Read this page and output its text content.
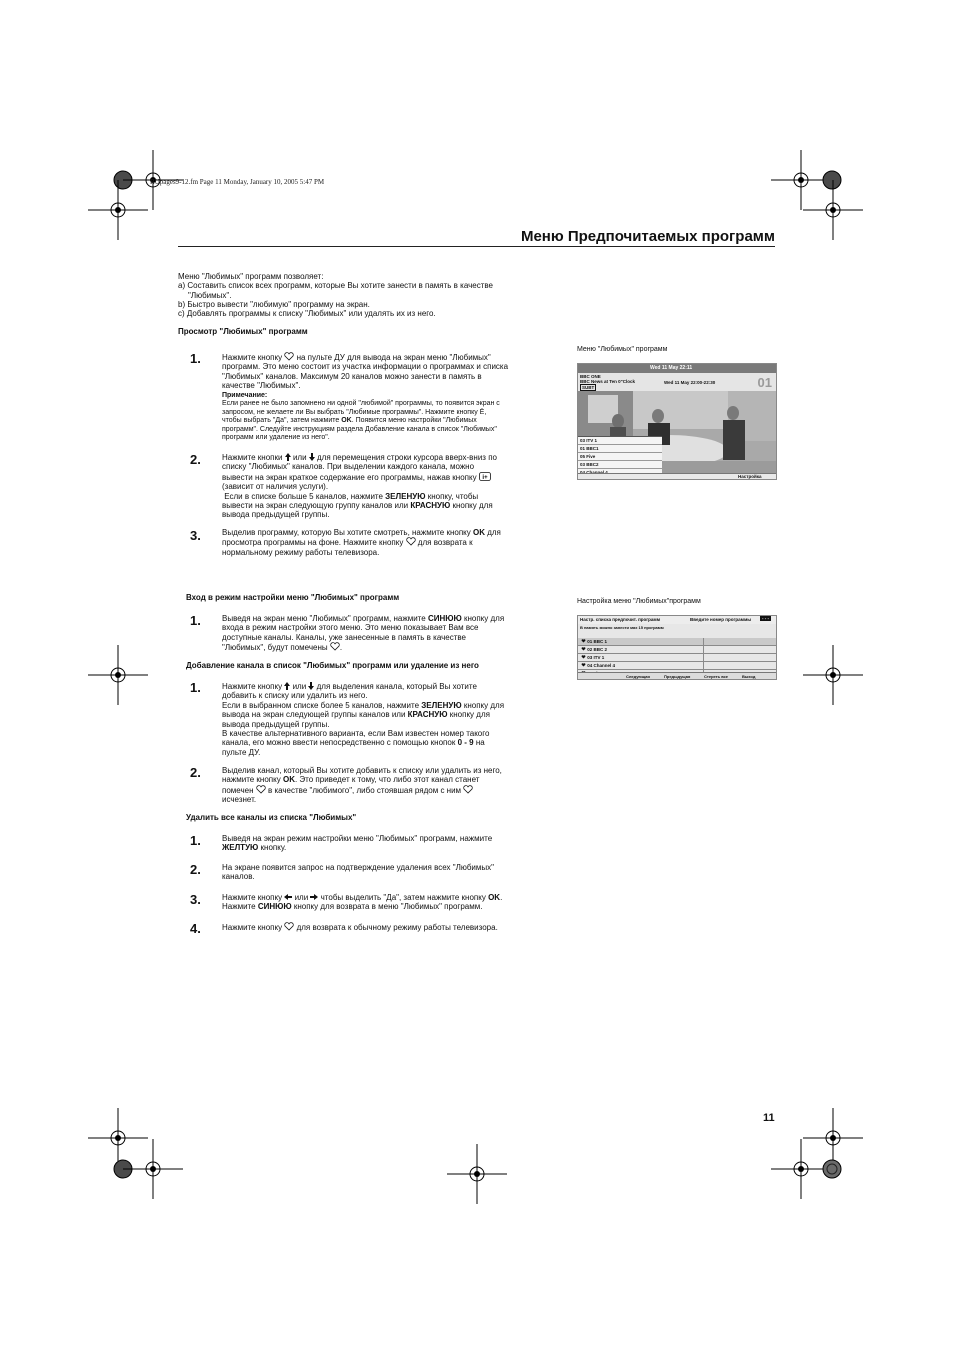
RUpages9-12.fm Page 11 Monday, January 10, 2005 5:47 PM
Меню Предпочитаемых программ

Меню "Любимых" программ позволяет:

a) Составить список всех программ, которые Вы хотите занести в память в качестве

"Любимых".

b) Быстро вывести "любимую" программу на экран.

c) Добавлять программы к списку "Любимых" или удалять их из него.

Просмотр "Любимых" программ
1.	Нажмите кнопку на пульте ДУ для вывода на экран меню "Любимых"

программ. Это меню состоит из участка информации о программах и списка

"Любимых" каналов. Максимум 20 каналов можно занести в память в

качестве "Любимых".

Примечание:

Если ранее не было запомнено ни одной "любимой" программы, то появится экран с

запросом, не желаете ли Вы выбрать "Любимые программы". Нажмите кнопку Ё,

чтобы выбрать "Да", затем нажмите OK. Появится меню настройки "Любимых

программ". Следуйте инструкциям раздела Добавление канала в список "Любимых"

программ или удаление из него".

2.	Нажмите кнопки или для перемещения строки курсора вверх-вниз по

списку "Любимых" каналов. При выделении каждого канала, можно

вывести на экран краткое содержание его программы, нажав кнопку i+

(зависит от наличия услуги).

Если в списке больше 5 каналов, нажмите ЗЕЛЕНУЮ кнопку, чтобы

вывести на экран следующую группу каналов или КРАСНУЮ кнопку для

вывода предыдущей группы.

3.	Выделив программу, которую Вы хотите смотреть, нажмите кнопку OK для

просмотра программы на фоне. Нажмите кнопку для возврата к

нормальному режиму работы телевизора.

Вход в режим настройки меню "Любимых" программ
1.	Выведя на экран меню "Любимых" программ, нажмите СИНЮЮ кнопку для

входа в режим настройки этого меню. Это меню показывает Вам все

доступные каналы. Каналы, уже занесенные в память в качестве

"Любимых", будут помечены .

Добавление канала в список "Любимых" программ или удаление из него
1.	Нажмите кнопку или для выделения канала, который Вы хотите

добавить к списку или удалить из него.

Если в выбранном списке более 5 каналов, нажмите ЗЕЛЕНУЮ кнопку для

вывода на экран следующей группы каналов или КРАСНУЮ кнопку для

вывода предыдущей группы.

В качестве альтернативного варианта, если Вам известен номер такого

канала, его можно ввести непосредственно с помощью кнопок 0 - 9 на

пульте ДУ.

2.	Выделив канал, который Вы хотите добавить к списку или удалить из него,

нажмите кнопку OK. Это приведет к тому, что либо этот канал станет

помечен в качестве "любимого", либо стоявшая рядом с ним

исчезнет.

Удалить все каналы из списка "Любимых"
1.	Выведя на экран режим настройки меню "Любимых" программ, нажмите

ЖЕЛТУЮ кнопку.

2.	На экране появится запрос на подтверждение удаления всех "Любимых"

каналов.

3.	Нажмите кнопку или чтобы выделить "Да", затем нажмите кнопку OK.

Нажмите СИНЮЮ кнопку для возврата в меню "Любимых" программ.

4.	Нажмите кнопку для возврата к обычному режиму работы телевизора.

Меню "Любимых" программ
Wed 11 May 22:11
BBC ONE
BBC News at Ten 0"Clock
SUBT
Wed 11 May 22:00-22:30	01
03 ITV 1
01 BBC1
05 Five
03 BBC2
Настройка
Настройка меню "Любимых"программ
Настр. списка предпочит. программ	Введите номер программы	- - -
В память можно занести мах 15 программ
01 BBC 1
02 BBC 2
03 ITV 1
04 Channel 4
Следующая	Предыдущая	Стереть все	Выход
11
